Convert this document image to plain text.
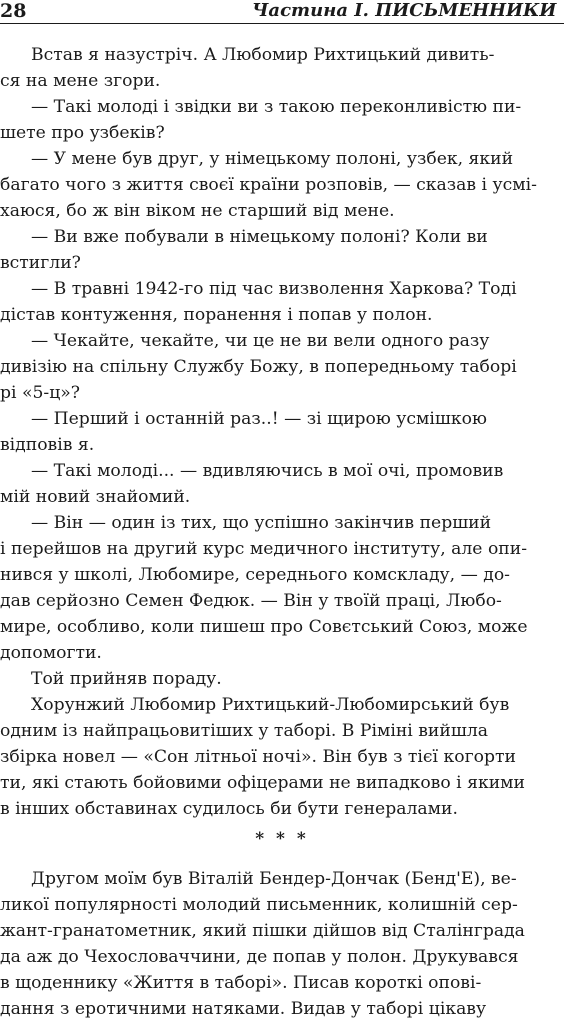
28	Частина І. ПИСЬМЕННИКИ
Встав я назустріч. А Любомир Рихтицький дивить-
ся на мене згори.
— Такі молоді і звідки ви з такою переконливістю пи-
шете про узбеків?
— У мене був друг, у німецькому полоні, узбек, який
багато чого з життя своєї країни розповів, — сказав і усмі-
хаюся, бо ж він віком не старший від мене.
— Ви вже побували в німецькому полоні? Коли ви
встигли?
— В травні 1942-го під час визволення Харкова? Тоді
дістав контуження, поранення і попав у полон.
— Чекайте, чекайте, чи це не ви вели одного разу
дивізію на спільну Службу Божу, в попередньому таборі
рі «5-ц»?
— Перший і останній раз..! — зі щирою усмішкою
відповів я.
— Такі молоді... — вдивляючись в мої очі, промовив
мій новий знайомий.
— Він — один із тих, що успішно закінчив перший
і перейшов на другий курс медичного інституту, але опи-
нився у школі, Любомире, середнього комскладу, — до-
дав серйозно Семен Федюк. — Він у твоїй праці, Любо-
мире, особливо, коли пишеш про Совєтський Союз, може
допомогти.
Той прийняв пораду.
Хорунжий Любомир Рихтицький-Любомирський був
одним із найпрацьовитіших у таборі. В Ріміні вийшла
збірка новел — «Сон літньої ночі». Він був з тієї когорти
ти, які стають бойовими офіцерами не випадково і якими
в інших обставинах судилось би бути генералами.
* * *
Другом моїм був Віталій Бендер-Дончак (Бенд'Е), ве-
ликої популярності молодий письменник, колишній сер-
жант-гранатометник, який пішки дійшов від Сталінграда
да аж до Чехословаччини, де попав у полон. Друкувався
в щоденнику «Життя в таборі». Писав короткі опові-
дання з еротичними натяками. Видав у таборі цікаву
